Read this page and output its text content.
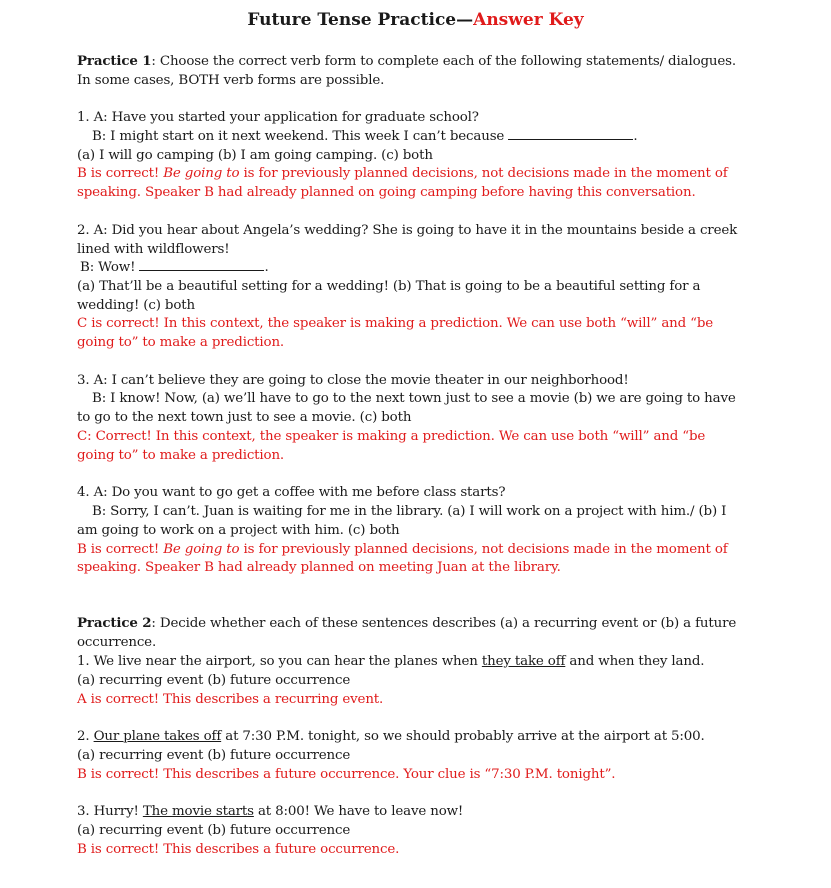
Future Tense Practice—Answer Key
Practice 1: Choose the correct verb form to complete each of the following statements/ dialogues.
In some cases, BOTH verb forms are possible.
1. A: Have you started your application for graduate school?
B: I might start on it next weekend. This week I can’t because	.
(a) I will go camping (b) I am going camping. (c) both
B is correct! Be going to is for previously planned decisions, not decisions made in the moment of
speaking. Speaker B had already planned on going camping before having this conversation.
2. A: Did you hear about Angela’s wedding? She is going to have it in the mountains beside a creek
lined with wildflowers!
B: Wow!	.
(a) That’ll be a beautiful setting for a wedding! (b) That is going to be a beautiful setting for a
wedding! (c) both
C is correct! In this context, the speaker is making a prediction. We can use both “will” and “be
going to” to make a prediction.
3. A: I can’t believe they are going to close the movie theater in our neighborhood!
B: I know! Now, (a) we’ll have to go to the next town just to see a movie (b) we are going to have
to go to the next town just to see a movie. (c) both
C: Correct! In this context, the speaker is making a prediction. We can use both “will” and “be
going to” to make a prediction.
4. A: Do you want to go get a coffee with me before class starts?
B: Sorry, I can’t. Juan is waiting for me in the library. (a) I will work on a project with him./ (b) I
am going to work on a project with him. (c) both
B is correct! Be going to is for previously planned decisions, not decisions made in the moment of
speaking. Speaker B had already planned on meeting Juan at the library.
Practice 2: Decide whether each of these sentences describes (a) a recurring event or (b) a future
occurrence.
1. We live near the airport, so you can hear the planes when they take off and when they land.
(a) recurring event (b) future occurrence
A is correct! This describes a recurring event.
2. Our plane takes off at 7:30 P.M. tonight, so we should probably arrive at the airport at 5:00.
(a) recurring event (b) future occurrence
B is correct! This describes a future occurrence. Your clue is “7:30 P.M. tonight”.
3. Hurry! The movie starts at 8:00! We have to leave now!
(a) recurring event (b) future occurrence
B is correct! This describes a future occurrence.
